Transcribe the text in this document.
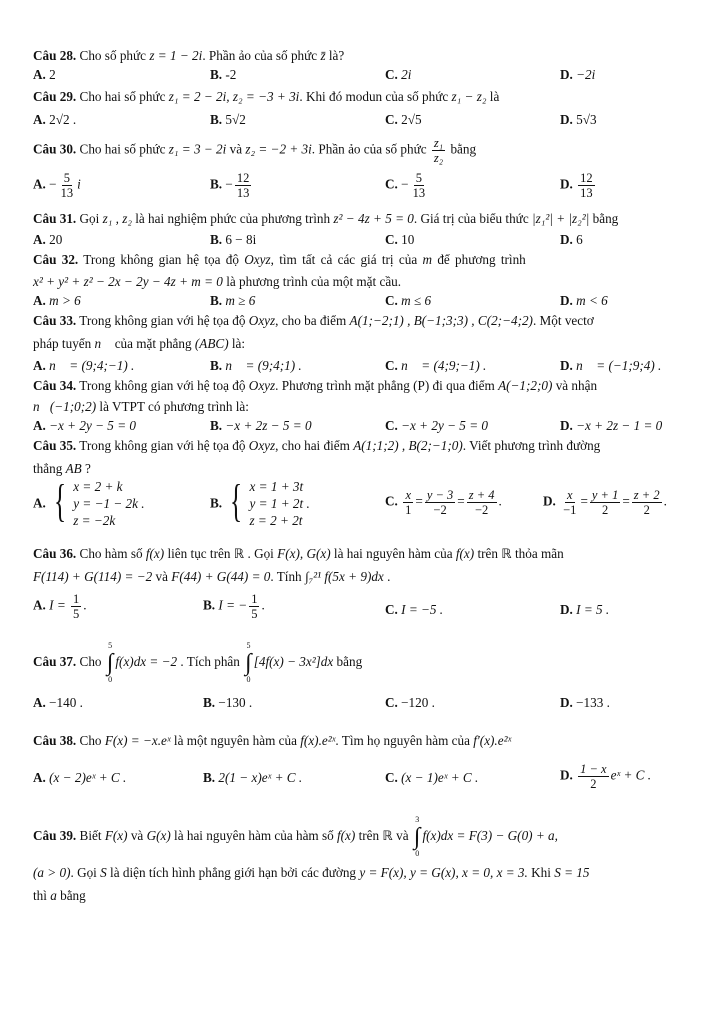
Câu 28. Cho số phức z = 1 − 2i. Phần ảo của số phức z̄ là?
A. 2	B. -2	C. 2i	D. −2i
Câu 29. Cho hai số phức z₁ = 2 − 2i, z₂ = −3 + 3i. Khi đó modun của số phức z₁ − z₂ là
A. 2√2 .	B. 5√2	C. 2√5	D. 5√3
Câu 30. Cho hai số phức z₁ = 3 − 2i và z₂ = −2 + 3i. Phần ảo của số phức $\frac{\text{z₁}}{\text{z₂}}$ bằng
A. − $\frac{5}{13}$ i	B. − $\frac{12}{13}$	C. − $\frac{5}{13}$	D. $\frac{12}{13}$
Câu 31. Gọi z₁ , z₂ là hai nghiệm phức của phương trình z² − 4z + 5 = 0. Giá trị của biểu thức |z₁²| + |z₂²| bằng
A. 20	B. 6 − 8i	C. 10	D. 6
Câu 32. Trong không gian hệ tọa độ Oxyz, tìm tất cả các giá trị của m để phương trình
x² + y² + z² − 2x − 2y − 4z + m = 0 là phương trình của một mặt cầu.
A. m > 6	B. m ≥ 6	C. m ≤ 6	D. m < 6
Câu 33. Trong không gian với hệ tọa độ Oxyz, cho ba điểm A(1;−2;1) , B(−1;3;3) , C(2;−4;2). Một vectơ
pháp tuyến n⃗ của mặt phẳng (ABC) là:
A. n⃗ = (9;4;−1) .	B. n⃗ = (9;4;1) .	C. n⃗ = (4;9;−1) .	D. n⃗ = (−1;9;4) .
Câu 34. Trong không gian với hệ toạ độ Oxyz. Phương trình mặt phẳng (P) đi qua điểm A(−1;2;0) và nhận
n⃗(−1;0;2) là VTPT có phương trình là:
A. −x + 2y − 5 = 0	B. −x + 2z − 5 = 0	C. −x + 2y − 5 = 0	D. −x + 2z − 1 = 0
Câu 35. Trong không gian với hệ tọa độ Oxyz, cho hai điểm A(1;1;2) , B(2;−1;0). Viết phương trình đường
thẳng AB ?
A. { x = 2 + k
y = −1 − 2k .
z = −2k
B. { x = 1 + 3t
y = 1 + 2t .
z = 2 + 2t
C. $\frac{x}{1} = \frac{y - 3}{-2} = \frac{z + 4}{-2}$ .	D. $\frac{x}{-1} = \frac{y + 1}{2} = \frac{z + 2}{2}$ .
Câu 36. Cho hàm số f(x) liên tục trên ℝ . Gọi F(x), G(x) là hai nguyên hàm của f(x) trên ℝ thỏa mãn
F(114) + G(114) = −2 và F(44) + G(44) = 0. Tính ∫₇²¹ f(5x + 9)dx .
A. $I = \frac{1}{5}$ .	B. I = − $\frac{1}{5}$ .	C. I = −5 .	D. I = 5 .
Câu 37. Cho
5
∫
0
f(x)dx = −2 . Tích phân
5
∫
0
[4f(x) − 3x²]dx bằng
A. −140 .	B. −130 .	C. −120 .	D. −133 .
Câu 38. Cho F(x) = −x.eˣ là một nguyên hàm của f(x).e²ˣ. Tìm họ nguyên hàm của f′(x).e²ˣ
A. (x − 2)eˣ + C .	B. 2(1 − x)eˣ + C .	C. (x − 1)eˣ + C .	D. $\frac{1 - x}{2}$ eˣ + C .
Câu 39. Biết F(x) và G(x) là hai nguyên hàm của hàm số f(x) trên ℝ và
3
∫
0
f(x)dx = F(3) − G(0) + a,
(a > 0). Gọi S là diện tích hình phẳng giới hạn bởi các đường y = F(x), y = G(x), x = 0, x = 3. Khi S = 15
thì a bằng
